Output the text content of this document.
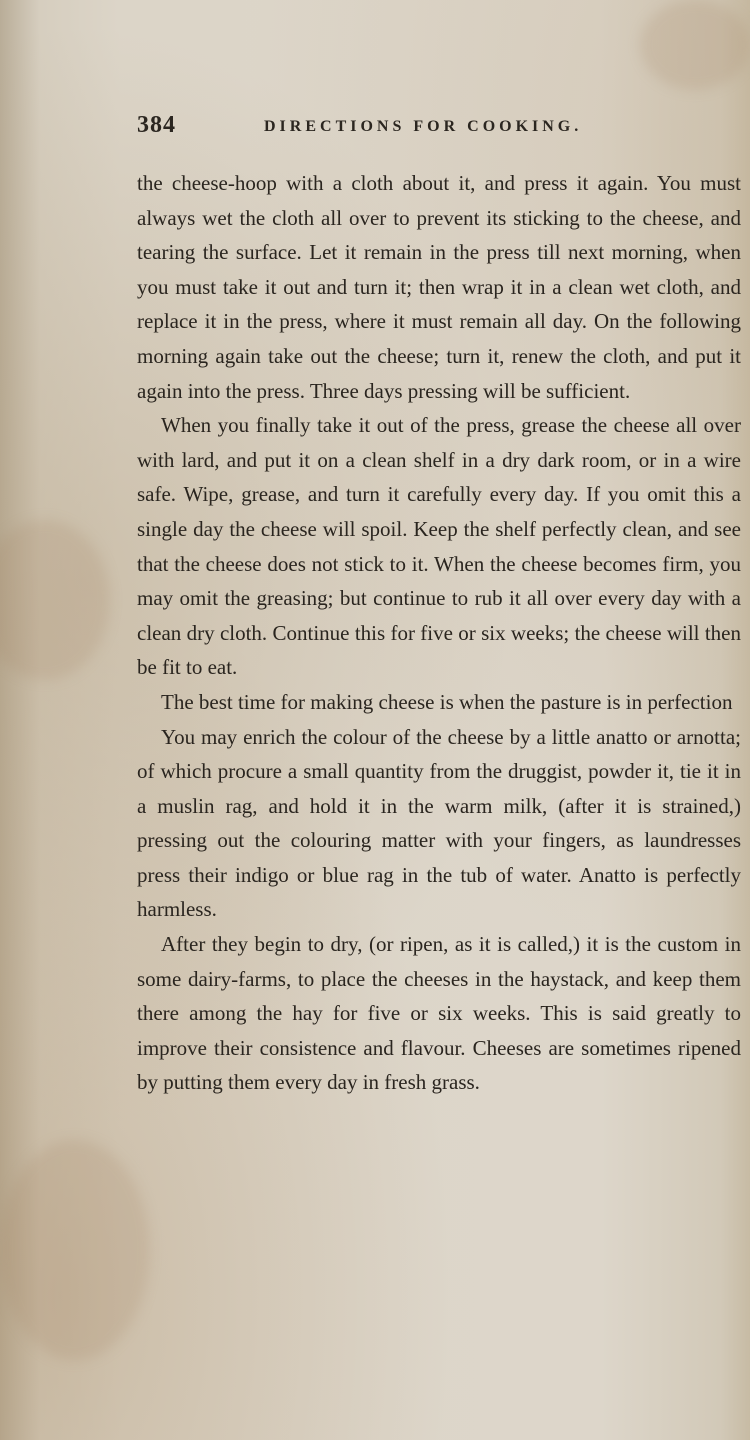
384	DIRECTIONS FOR COOKING.

the cheese-hoop with a cloth about it, and press it again. You must always wet the cloth all over to prevent its sticking to the cheese, and tearing the surface. Let it remain in the press till next morning, when you must take it out and turn it; then wrap it in a clean wet cloth, and replace it in the press, where it must remain all day. On the following morning again take out the cheese; turn it, renew the cloth, and put it again into the press. Three days pressing will be sufficient.

When you finally take it out of the press, grease the cheese all over with lard, and put it on a clean shelf in a dry dark room, or in a wire safe. Wipe, grease, and turn it carefully every day. If you omit this a single day the cheese will spoil. Keep the shelf perfectly clean, and see that the cheese does not stick to it. When the cheese becomes firm, you may omit the greasing; but continue to rub it all over every day with a clean dry cloth. Continue this for five or six weeks; the cheese will then be fit to eat.

The best time for making cheese is when the pasture is in perfection

You may enrich the colour of the cheese by a little anatto or arnotta; of which procure a small quantity from the druggist, powder it, tie it in a muslin rag, and hold it in the warm milk, (after it is strained,) pressing out the colouring matter with your fingers, as laundresses press their indigo or blue rag in the tub of water. Anatto is perfectly harmless.

After they begin to dry, (or ripen, as it is called,) it is the custom in some dairy-farms, to place the cheeses in the haystack, and keep them there among the hay for five or six weeks. This is said greatly to improve their consistence and flavour. Cheeses are sometimes ripened by putting them every day in fresh grass.
